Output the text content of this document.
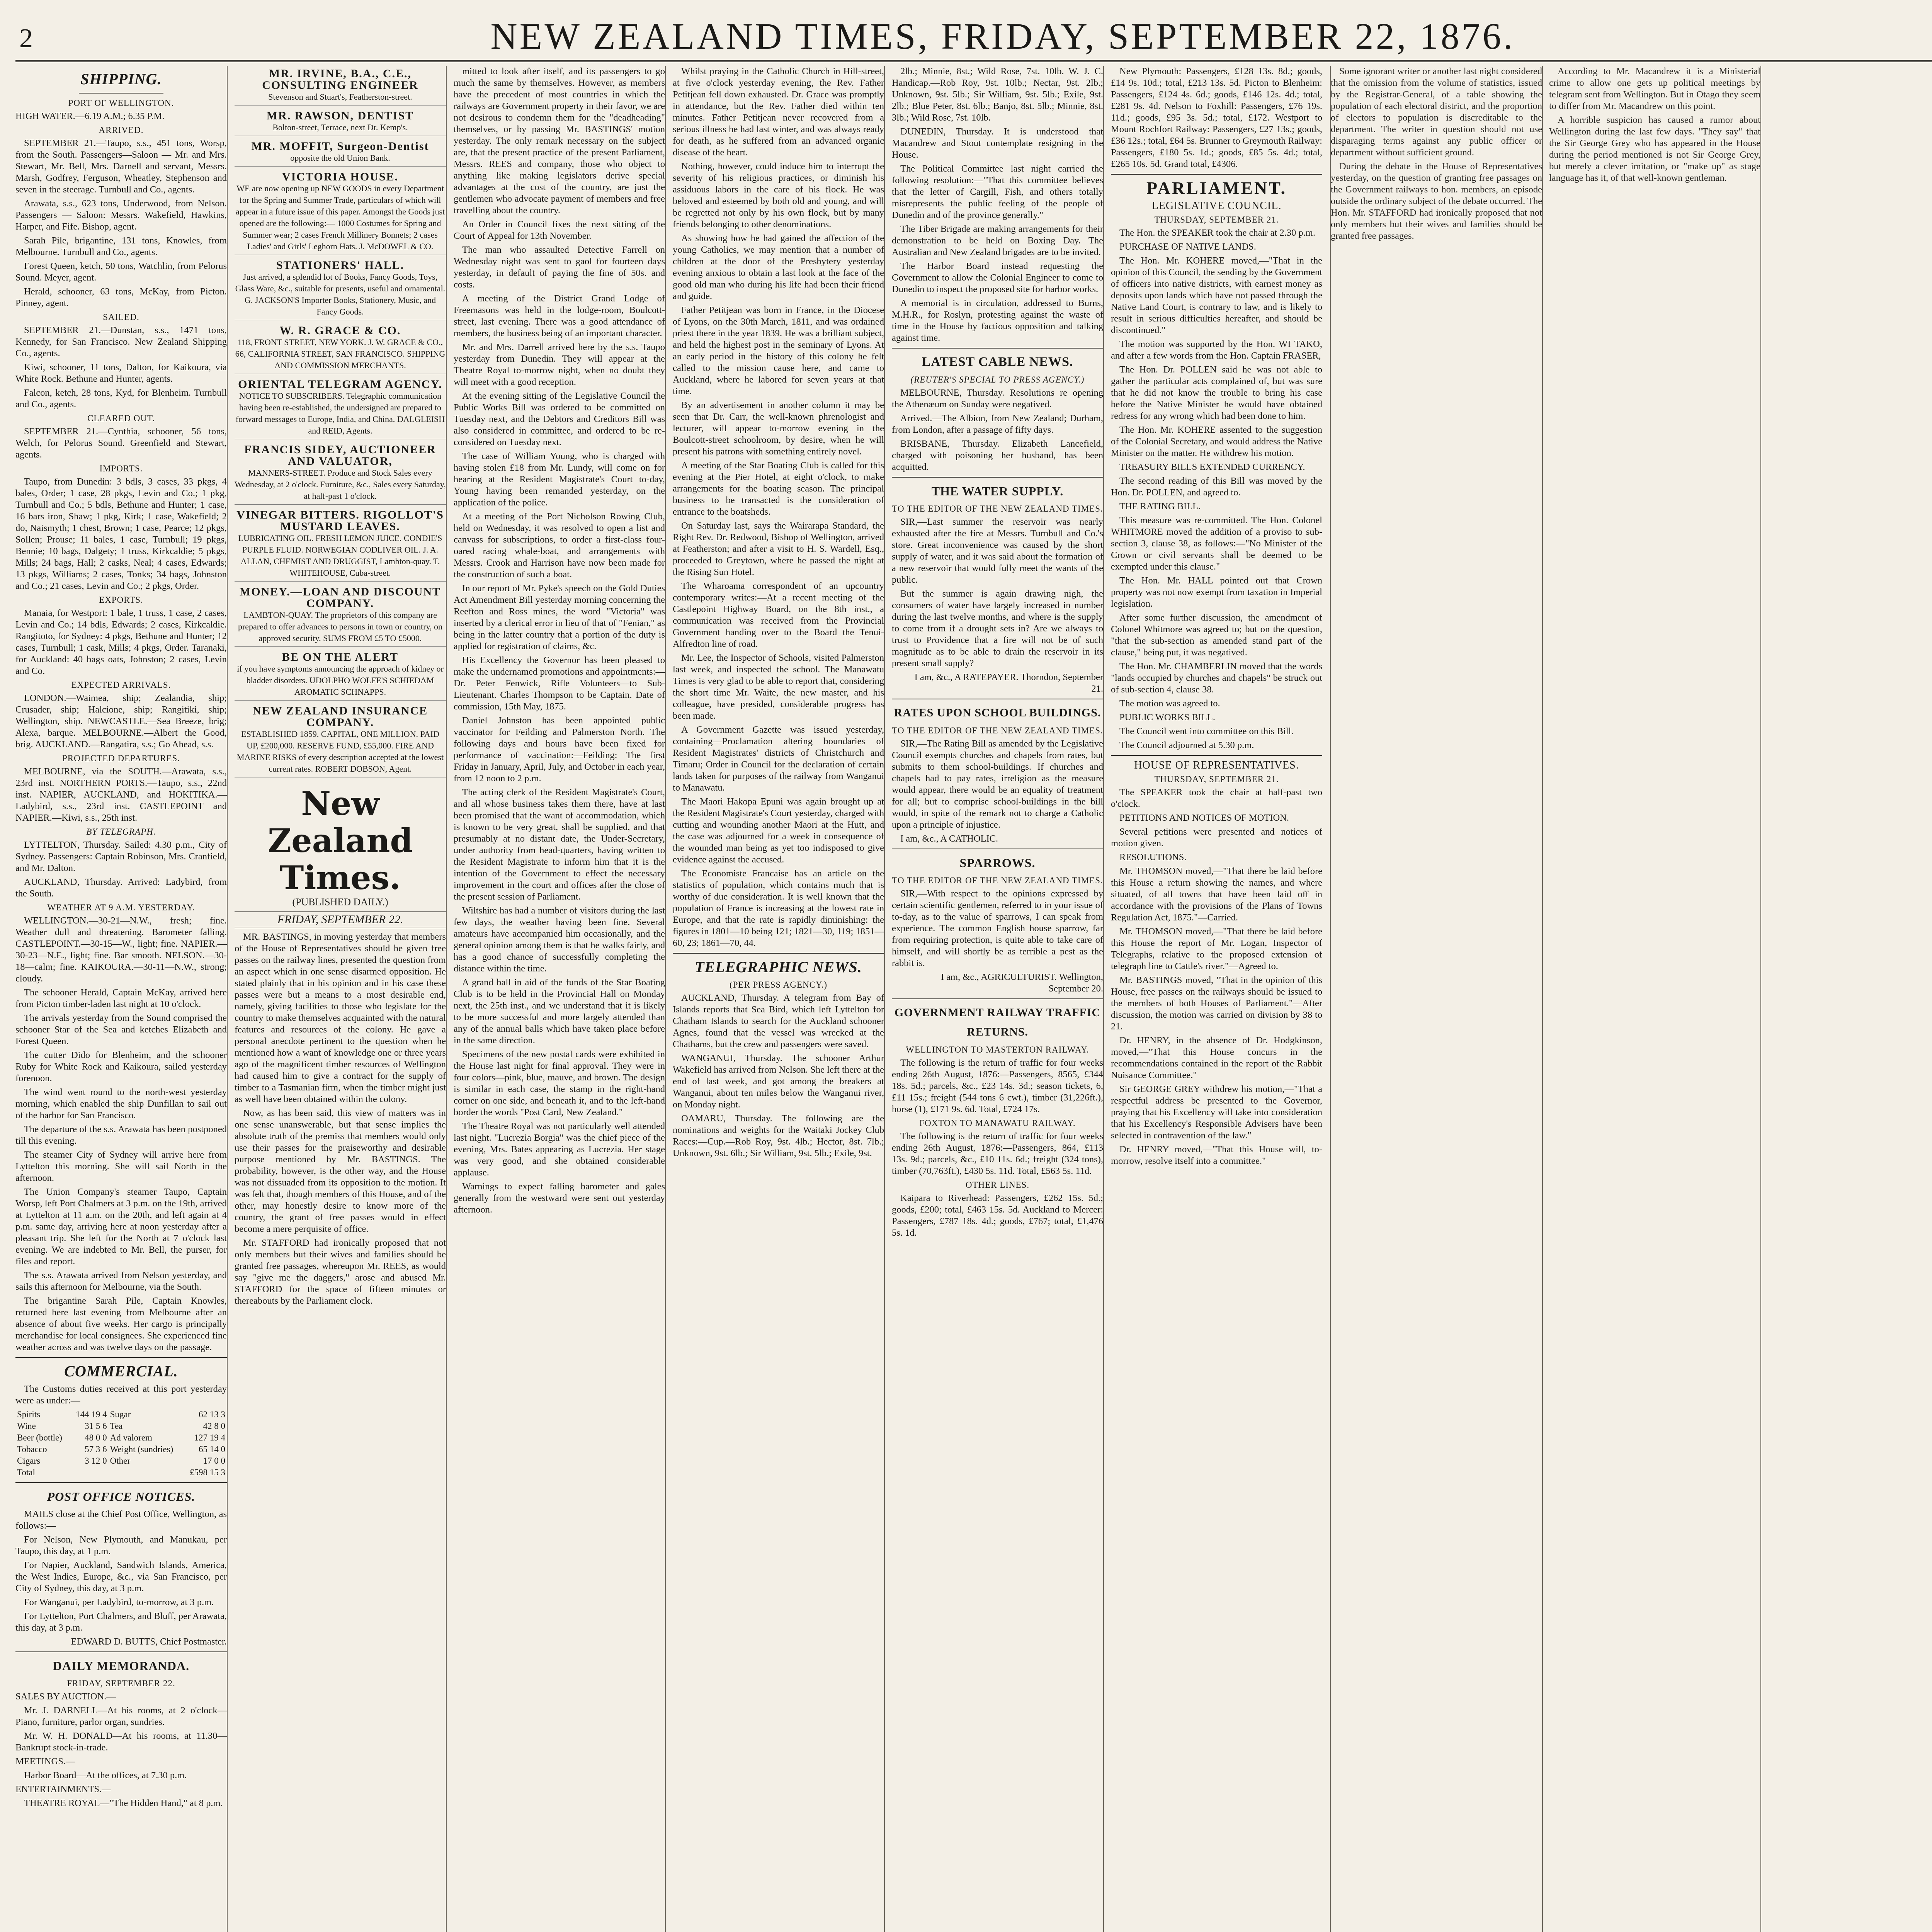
2	NEW ZEALAND TIMES, FRIDAY, SEPTEMBER 22, 1876.
SHIPPING.
PORT OF WELLINGTON.

HIGH WATER.—6.19 A.M.; 6.35 P.M.

ARRIVED.

SEPTEMBER 21.—Taupo, s.s., 451 tons, Worsp, from the South. Passengers—Saloon — Mr. and Mrs. Stewart, Mr. Bell, Mrs. Darnell and servant, Messrs. Marsh, Godfrey, Ferguson, Wheatley, Stephenson and seven in the steerage. Turnbull and Co., agents.

Arawata, s.s., 623 tons, Underwood, from Nelson. Passengers — Saloon: Messrs. Wakefield, Hawkins, Harper, and Fife. Bishop, agent.

Sarah Pile, brigantine, 131 tons, Knowles, from Melbourne. Turnbull and Co., agents.

Forest Queen, ketch, 50 tons, Watchlin, from Pelorus Sound. Meyer, agent.

Herald, schooner, 63 tons, McKay, from Picton. Pinney, agent.

SAILED.

SEPTEMBER 21.—Dunstan, s.s., 1471 tons, Kennedy, for San Francisco. New Zealand Shipping Co., agents.

Kiwi, schooner, 11 tons, Dalton, for Kaikoura, via White Rock. Bethune and Hunter, agents.

Falcon, ketch, 28 tons, Kyd, for Blenheim. Turnbull and Co., agents.

CLEARED OUT.

SEPTEMBER 21.—Cynthia, schooner, 56 tons, Welch, for Pelorus Sound. Greenfield and Stewart, agents.

IMPORTS.

Taupo, from Dunedin: 3 bdls, 3 cases, 33 pkgs, 4 bales, Order; 1 case, 28 pkgs, Levin and Co.; 1 pkg, Turnbull and Co.; 5 bdls, Bethune and Hunter; 1 case, 16 bars iron, Shaw; 1 pkg, Kirk; 1 case, Wakefield; 2 do, Naismyth; 1 chest, Brown; 1 case, Pearce; 12 pkgs, Sollen; Prouse; 11 bales, 1 case, Turnbull; 19 pkgs, Bennie; 10 bags, Dalgety; 1 truss, Kirkcaldie; 5 pkgs, Mills; 24 bags, Hall; 2 casks, Neal; 4 cases, Edwards; 13 pkgs, Williams; 2 cases, Tonks; 34 bags, Johnston and Co.; 21 cases, Levin and Co.; 2 pkgs, Order.

EXPORTS.

Manaia, for Westport: 1 bale, 1 truss, 1 case, 2 cases, Levin and Co.; 14 bdls, Edwards; 2 cases, Kirkcaldie. Rangitoto, for Sydney: 4 pkgs, Bethune and Hunter; 12 cases, Turnbull; 1 cask, Mills; 4 pkgs, Order. Taranaki, for Auckland: 40 bags oats, Johnston; 2 cases, Levin and Co.

EXPECTED ARRIVALS.

LONDON.—Waimea, ship; Zealandia, ship; Crusader, ship; Halcione, ship; Rangitiki, ship; Wellington, ship. NEWCASTLE.—Sea Breeze, brig; Alexa, barque. MELBOURNE.—Albert the Good, brig. AUCKLAND.—Rangatira, s.s.; Go Ahead, s.s.

PROJECTED DEPARTURES.

MELBOURNE, via the SOUTH.—Arawata, s.s., 23rd inst. NORTHERN PORTS.—Taupo, s.s., 22nd inst. NAPIER, AUCKLAND, and HOKITIKA.—Ladybird, s.s., 23rd inst. CASTLEPOINT and NAPIER.—Kiwi, s.s., 25th inst.

BY TELEGRAPH.

LYTTELTON, Thursday. Sailed: 4.30 p.m., City of Sydney. Passengers: Captain Robinson, Mrs. Cranfield, and Mr. Dalton.

AUCKLAND, Thursday. Arrived: Ladybird, from the South.

WEATHER AT 9 A.M. YESTERDAY.

WELLINGTON.—30-21—N.W., fresh; fine. Weather dull and threatening. Barometer falling. CASTLEPOINT.—30-15—W., light; fine. NAPIER.—30-23—N.E., light; fine. Bar smooth. NELSON.—30-18—calm; fine. KAIKOURA.—30-11—N.W., strong; cloudy.

The schooner Herald, Captain McKay, arrived here from Picton timber-laden last night at 10 o'clock.

The arrivals yesterday from the Sound comprised the schooner Star of the Sea and ketches Elizabeth and Forest Queen.

The cutter Dido for Blenheim, and the schooner Ruby for White Rock and Kaikoura, sailed yesterday forenoon.

The wind went round to the north-west yesterday morning, which enabled the ship Dunfillan to sail out of the harbor for San Francisco.

The departure of the s.s. Arawata has been postponed till this evening.

The steamer City of Sydney will arrive here from Lyttelton this morning. She will sail North in the afternoon.

The Union Company's steamer Taupo, Captain Worsp, left Port Chalmers at 3 p.m. on the 19th, arrived at Lyttelton at 11 a.m. on the 20th, and left again at 4 p.m. same day, arriving here at noon yesterday after a pleasant trip. She left for the North at 7 o'clock last evening. We are indebted to Mr. Bell, the purser, for files and report.

The s.s. Arawata arrived from Nelson yesterday, and sails this afternoon for Melbourne, via the South.

The brigantine Sarah Pile, Captain Knowles, returned here last evening from Melbourne after an absence of about five weeks. Her cargo is principally merchandise for local consignees. She experienced fine weather across and was twelve days on the passage.

COMMERCIAL.

The Customs duties received at this port yesterday were as under:—

Spirits	144 19 4	Sugar	62 13 3
Wine	31 5 6	Tea	42 8 0
Beer (bottle)	48 0 0	Ad valorem	127 19 4
Tobacco	57 3 6	Weight (sundries)	65 14 0
Cigars	3 12 0	Other	17 0 0
Total			£598 15 3
POST OFFICE NOTICES.

MAILS close at the Chief Post Office, Wellington, as follows:—

For Nelson, New Plymouth, and Manukau, per Taupo, this day, at 1 p.m.

For Napier, Auckland, Sandwich Islands, America, the West Indies, Europe, &c., via San Francisco, per City of Sydney, this day, at 3 p.m.

For Wanganui, per Ladybird, to-morrow, at 3 p.m.

For Lyttelton, Port Chalmers, and Bluff, per Arawata, this day, at 3 p.m.

EDWARD D. BUTTS, Chief Postmaster.

DAILY MEMORANDA.
FRIDAY, SEPTEMBER 22.

SALES BY AUCTION.—

Mr. J. DARNELL—At his rooms, at 2 o'clock—Piano, furniture, parlor organ, sundries.

Mr. W. H. DONALD—At his rooms, at 11.30—Bankrupt stock-in-trade.

MEETINGS.—

Harbor Board—At the offices, at 7.30 p.m.

ENTERTAINMENTS.—

THEATRE ROYAL—"The Hidden Hand," at 8 p.m.

MR. IRVINE, B.A., C.E., CONSULTING ENGINEER
Stevenson and Stuart's, Featherston-street.
MR. RAWSON, DENTIST
Bolton-street, Terrace, next Dr. Kemp's.
MR. MOFFIT, Surgeon-Dentist
opposite the old Union Bank.
VICTORIA HOUSE.
WE are now opening up NEW GOODS in every Department for the Spring and Summer Trade, particulars of which will appear in a future issue of this paper. Amongst the Goods just opened are the following:— 1000 Costumes for Spring and Summer wear; 2 cases French Millinery Bonnets; 2 cases Ladies' and Girls' Leghorn Hats. J. McDOWEL & CO.
STATIONERS' HALL.
Just arrived, a splendid lot of Books, Fancy Goods, Toys, Glass Ware, &c., suitable for presents, useful and ornamental. G. JACKSON'S Importer Books, Stationery, Music, and Fancy Goods.
W. R. GRACE & CO.
118, FRONT STREET, NEW YORK. J. W. GRACE & CO., 66, CALIFORNIA STREET, SAN FRANCISCO. SHIPPING AND COMMISSION MERCHANTS.
ORIENTAL TELEGRAM AGENCY.
NOTICE TO SUBSCRIBERS. Telegraphic communication having been re-established, the undersigned are prepared to forward messages to Europe, India, and China. DALGLEISH and REID, Agents.
FRANCIS SIDEY, AUCTIONEER AND VALUATOR,
MANNERS-STREET. Produce and Stock Sales every Wednesday, at 2 o'clock. Furniture, &c., Sales every Saturday, at half-past 1 o'clock.
VINEGAR BITTERS. RIGOLLOT'S MUSTARD LEAVES.
LUBRICATING OIL. FRESH LEMON JUICE. CONDIE'S PURPLE FLUID. NORWEGIAN CODLIVER OIL. J. A. ALLAN, CHEMIST AND DRUGGIST, Lambton-quay. T. WHITEHOUSE, Cuba-street.
MONEY.—LOAN AND DISCOUNT COMPANY.
LAMBTON-QUAY. The proprietors of this company are prepared to offer advances to persons in town or country, on approved security. SUMS FROM £5 TO £5000.
BE ON THE ALERT
if you have symptoms announcing the approach of kidney or bladder disorders. UDOLPHO WOLFE'S SCHIEDAM AROMATIC SCHNAPPS.
NEW ZEALAND INSURANCE COMPANY.
ESTABLISHED 1859. CAPITAL, ONE MILLION. PAID UP, £200,000. RESERVE FUND, £55,000. FIRE AND MARINE RISKS of every description accepted at the lowest current rates. ROBERT DOBSON, Agent.
New Zealand Times.
(PUBLISHED DAILY.)
FRIDAY, SEPTEMBER 22.

MR. BASTINGS, in moving yesterday that members of the House of Representatives should be given free passes on the railway lines, presented the question from an aspect which in one sense disarmed opposition. He stated plainly that in his opinion and in his case these passes were but a means to a most desirable end, namely, giving facilities to those who legislate for the country to make themselves acquainted with the natural features and resources of the colony. He gave a personal anecdote pertinent to the question when he mentioned how a want of knowledge one or three years ago of the magnificent timber resources of Wellington had caused him to give a contract for the supply of timber to a Tasmanian firm, when the timber might just as well have been obtained within the colony.

Now, as has been said, this view of matters was in one sense unanswerable, but that sense implies the absolute truth of the premiss that members would only use their passes for the praiseworthy and desirable purpose mentioned by Mr. BASTINGS. The probability, however, is the other way, and the House was not dissuaded from its opposition to the motion. It was felt that, though members of this House, and of the other, may honestly desire to know more of the country, the grant of free passes would in effect become a mere perquisite of office.

Mr. STAFFORD had ironically proposed that not only members but their wives and families should be granted free passages, whereupon Mr. REES, as would say "give me the daggers," arose and abused Mr. STAFFORD for the space of fifteen minutes or thereabouts by the Parliament clock.

mitted to look after itself, and its passengers to go much the same by themselves. However, as members have the precedent of most countries in which the railways are Government property in their favor, we are not desirous to condemn them for the "deadheading" themselves, or by passing Mr. BASTINGS' motion yesterday. The only remark necessary on the subject are, that the present practice of the present Parliament, Messrs. REES and company, those who object to anything like making legislators derive special advantages at the cost of the country, are just the gentlemen who advocate payment of members and free travelling about the country.

An Order in Council fixes the next sitting of the Court of Appeal for 13th November.

The man who assaulted Detective Farrell on Wednesday night was sent to gaol for fourteen days yesterday, in default of paying the fine of 50s. and costs.

A meeting of the District Grand Lodge of Freemasons was held in the lodge-room, Boulcott-street, last evening. There was a good attendance of members, the business being of an important character.

Mr. and Mrs. Darrell arrived here by the s.s. Taupo yesterday from Dunedin. They will appear at the Theatre Royal to-morrow night, when no doubt they will meet with a good reception.

At the evening sitting of the Legislative Council the Public Works Bill was ordered to be committed on Tuesday next, and the Debtors and Creditors Bill was also considered in committee, and ordered to be re-considered on Tuesday next.

The case of William Young, who is charged with having stolen £18 from Mr. Lundy, will come on for hearing at the Resident Magistrate's Court to-day, Young having been remanded yesterday, on the application of the police.

At a meeting of the Port Nicholson Rowing Club, held on Wednesday, it was resolved to open a list and canvass for subscriptions, to order a first-class four-oared racing whale-boat, and arrangements with Messrs. Crook and Harrison have now been made for the construction of such a boat.

In our report of Mr. Pyke's speech on the Gold Duties Act Amendment Bill yesterday morning concerning the Reefton and Ross mines, the word "Victoria" was inserted by a clerical error in lieu of that of "Fenian," as being in the latter country that a portion of the duty is applied for registration of claims, &c.

His Excellency the Governor has been pleased to make the undernamed promotions and appointments:—Dr. Peter Fenwick, Rifle Volunteers—to Sub-Lieutenant. Charles Thompson to be Captain. Date of commission, 15th May, 1875.

Daniel Johnston has been appointed public vaccinator for Feilding and Palmerston North. The following days and hours have been fixed for performance of vaccination:—Feilding: The first Friday in January, April, July, and October in each year, from 12 noon to 2 p.m.

The acting clerk of the Resident Magistrate's Court, and all whose business takes them there, have at last been promised that the want of accommodation, which is known to be very great, shall be supplied, and that presumably at no distant date, the Under-Secretary, under authority from head-quarters, having written to the Resident Magistrate to inform him that it is the intention of the Government to effect the necessary improvement in the court and offices after the close of the present session of Parliament.

Wiltshire has had a number of visitors during the last few days, the weather having been fine. Several amateurs have accompanied him occasionally, and the general opinion among them is that he walks fairly, and has a good chance of successfully completing the distance within the time.

A grand ball in aid of the funds of the Star Boating Club is to be held in the Provincial Hall on Monday next, the 25th inst., and we understand that it is likely to be more successful and more largely attended than any of the annual balls which have taken place before in the same direction.

Specimens of the new postal cards were exhibited in the House last night for final approval. They were in four colors—pink, blue, mauve, and brown. The design is similar in each case, the stamp in the right-hand corner on one side, and beneath it, and to the left-hand border the words "Post Card, New Zealand."

The Theatre Royal was not particularly well attended last night. "Lucrezia Borgia" was the chief piece of the evening, Mrs. Bates appearing as Lucrezia. Her stage was very good, and she obtained considerable applause.

Warnings to expect falling barometer and gales generally from the westward were sent out yesterday afternoon.

Whilst praying in the Catholic Church in Hill-street, at five o'clock yesterday evening, the Rev. Father Petitjean fell down exhausted. Dr. Grace was promptly in attendance, but the Rev. Father died within ten minutes. Father Petitjean never recovered from a serious illness he had last winter, and was always ready for death, as he suffered from an advanced organic disease of the heart.

Nothing, however, could induce him to interrupt the severity of his religious practices, or diminish his assiduous labors in the care of his flock. He was beloved and esteemed by both old and young, and will be regretted not only by his own flock, but by many friends belonging to other denominations.

As showing how he had gained the affection of the young Catholics, we may mention that a number of children at the door of the Presbytery yesterday evening anxious to obtain a last look at the face of the good old man who during his life had been their friend and guide.

Father Petitjean was born in France, in the Diocese of Lyons, on the 30th March, 1811, and was ordained priest there in the year 1839. He was a brilliant subject, and held the highest post in the seminary of Lyons. At an early period in the history of this colony he felt called to the mission cause here, and came to Auckland, where he labored for seven years at that time.

By an advertisement in another column it may be seen that Dr. Carr, the well-known phrenologist and lecturer, will appear to-morrow evening in the Boulcott-street schoolroom, by desire, when he will present his patrons with something entirely novel.

A meeting of the Star Boating Club is called for this evening at the Pier Hotel, at eight o'clock, to make arrangements for the boating season. The principal business to be transacted is the consideration of entrance to the boatsheds.

On Saturday last, says the Wairarapa Standard, the Right Rev. Dr. Redwood, Bishop of Wellington, arrived at Featherston; and after a visit to H. S. Wardell, Esq., proceeded to Greytown, where he passed the night at the Rising Sun Hotel.

The Wharoama correspondent of an upcountry contemporary writes:—At a recent meeting of the Castlepoint Highway Board, on the 8th inst., a communication was received from the Provincial Government handing over to the Board the Tenui-Alfredton line of road.

Mr. Lee, the Inspector of Schools, visited Palmerston last week, and inspected the school. The Manawatu Times is very glad to be able to report that, considering the short time Mr. Waite, the new master, and his colleague, have presided, considerable progress has been made.

A Government Gazette was issued yesterday, containing—Proclamation altering boundaries of Resident Magistrates' districts of Christchurch and Timaru; Order in Council for the declaration of certain lands taken for purposes of the railway from Wanganui to Manawatu.

The Maori Hakopa Epuni was again brought up at the Resident Magistrate's Court yesterday, charged with cutting and wounding another Maori at the Hutt, and the case was adjourned for a week in consequence of the wounded man being as yet too indisposed to give evidence against the accused.

The Economiste Francaise has an article on the statistics of population, which contains much that is worthy of due consideration. It is well known that the population of France is increasing at the lowest rate in Europe, and that the rate is rapidly diminishing: the figures in 1801—10 being 121; 1821—30, 119; 1851—60, 23; 1861—70, 44.

TELEGRAPHIC NEWS.
(PER PRESS AGENCY.)

AUCKLAND, Thursday. A telegram from Bay of Islands reports that Sea Bird, which left Lyttelton for Chatham Islands to search for the Auckland schooner Agnes, found that the vessel was wrecked at the Chathams, but the crew and passengers were saved.

WANGANUI, Thursday. The schooner Arthur Wakefield has arrived from Nelson. She left there at the end of last week, and got among the breakers at Wanganui, about ten miles below the Wanganui river, on Monday night.

OAMARU, Thursday. The following are the nominations and weights for the Waitaki Jockey Club Races:—Cup.—Rob Roy, 9st. 4lb.; Hector, 8st. 7lb.; Unknown, 9st. 6lb.; Sir William, 9st. 5lb.; Exile, 9st.

2lb.; Minnie, 8st.; Wild Rose, 7st. 10lb. W. J. C. Handicap.—Rob Roy, 9st. 10lb.; Nectar, 9st. 2lb.; Unknown, 9st. 5lb.; Sir William, 9st. 5lb.; Exile, 9st. 2lb.; Blue Peter, 8st. 6lb.; Banjo, 8st. 5lb.; Minnie, 8st. 3lb.; Wild Rose, 7st. 10lb.

DUNEDIN, Thursday. It is understood that Macandrew and Stout contemplate resigning in the House.

The Political Committee last night carried the following resolution:—"That this committee believes that the letter of Cargill, Fish, and others totally misrepresents the public feeling of the people of Dunedin and of the province generally."

The Tiber Brigade are making arrangements for their demonstration to be held on Boxing Day. The Australian and New Zealand brigades are to be invited.

The Harbor Board instead requesting the Government to allow the Colonial Engineer to come to Dunedin to inspect the proposed site for harbor works.

A memorial is in circulation, addressed to Burns, M.H.R., for Roslyn, protesting against the waste of time in the House by factious opposition and talking against time.

LATEST CABLE NEWS.
(REUTER'S SPECIAL TO PRESS AGENCY.)

MELBOURNE, Thursday. Resolutions re opening the Athenæum on Sunday were negatived.

Arrived.—The Albion, from New Zealand; Durham, from London, after a passage of fifty days.

BRISBANE, Thursday. Elizabeth Lancefield, charged with poisoning her husband, has been acquitted.

THE WATER SUPPLY.
TO THE EDITOR OF THE NEW ZEALAND TIMES.

SIR,—Last summer the reservoir was nearly exhausted after the fire at Messrs. Turnbull and Co.'s store. Great inconvenience was caused by the short supply of water, and it was said about the formation of a new reservoir that would fully meet the wants of the public.

But the summer is again drawing nigh, the consumers of water have largely increased in number during the last twelve months, and where is the supply to come from if a drought sets in? Are we always to trust to Providence that a fire will not be of such magnitude as to be able to drain the reservoir in its present small supply?

I am, &c., A RATEPAYER. Thorndon, September 21.

RATES UPON SCHOOL BUILDINGS.
TO THE EDITOR OF THE NEW ZEALAND TIMES.

SIR,—The Rating Bill as amended by the Legislative Council exempts churches and chapels from rates, but submits to them school-buildings. If churches and chapels had to pay rates, irreligion as the measure would appear, there would be an equality of treatment for all; but to comprise school-buildings in the bill would, in spite of the remark not to charge a Catholic upon a principle of injustice.

I am, &c., A CATHOLIC.

SPARROWS.
TO THE EDITOR OF THE NEW ZEALAND TIMES.

SIR,—With respect to the opinions expressed by certain scientific gentlemen, referred to in your issue of to-day, as to the value of sparrows, I can speak from experience. The common English house sparrow, far from requiring protection, is quite able to take care of himself, and will shortly be as terrible a pest as the rabbit is.

I am, &c., AGRICULTURIST. Wellington, September 20.

GOVERNMENT RAILWAY TRAFFIC RETURNS.
WELLINGTON TO MASTERTON RAILWAY.

The following is the return of traffic for four weeks ending 26th August, 1876:—Passengers, 8565, £344 18s. 5d.; parcels, &c., £23 14s. 3d.; season tickets, 6, £11 15s.; freight (544 tons 6 cwt.), timber (31,226ft.), horse (1), £171 9s. 6d. Total, £724 17s.

FOXTON TO MANAWATU RAILWAY.

The following is the return of traffic for four weeks ending 26th August, 1876:—Passengers, 864, £113 13s. 9d.; parcels, &c., £10 11s. 6d.; freight (324 tons), timber (70,763ft.), £430 5s. 11d. Total, £563 5s. 11d.

OTHER LINES.

Kaipara to Riverhead: Passengers, £262 15s. 5d.; goods, £200; total, £463 15s. 5d. Auckland to Mercer: Passengers, £787 18s. 4d.; goods, £767; total, £1,476 5s. 1d.

New Plymouth: Passengers, £128 13s. 8d.; goods, £14 9s. 10d.; total, £213 13s. 5d. Picton to Blenheim: Passengers, £124 4s. 6d.; goods, £146 12s. 4d.; total, £281 9s. 4d. Nelson to Foxhill: Passengers, £76 19s. 11d.; goods, £95 3s. 5d.; total, £172. Westport to Mount Rochfort Railway: Passengers, £27 13s.; goods, £36 12s.; total, £64 5s. Brunner to Greymouth Railway: Passengers, £180 5s. 1d.; goods, £85 5s. 4d.; total, £265 10s. 5d. Grand total, £4306.

PARLIAMENT.
LEGISLATIVE COUNCIL.
THURSDAY, SEPTEMBER 21.

The Hon. the SPEAKER took the chair at 2.30 p.m.

PURCHASE OF NATIVE LANDS.

The Hon. Mr. KOHERE moved,—"That in the opinion of this Council, the sending by the Government of officers into native districts, with earnest money as deposits upon lands which have not passed through the Native Land Court, is contrary to law, and is likely to result in serious difficulties hereafter, and should be discontinued."

The motion was supported by the Hon. WI TAKO, and after a few words from the Hon. Captain FRASER,

The Hon. Dr. POLLEN said he was not able to gather the particular acts complained of, but was sure that he did not know the trouble to bring his case before the Native Minister he would have obtained redress for any wrong which had been done to him.

The Hon. Mr. KOHERE assented to the suggestion of the Colonial Secretary, and would address the Native Minister on the matter. He withdrew his motion.

TREASURY BILLS EXTENDED CURRENCY.

The second reading of this Bill was moved by the Hon. Dr. POLLEN, and agreed to.

THE RATING BILL.

This measure was re-committed. The Hon. Colonel WHITMORE moved the addition of a proviso to sub-section 3, clause 38, as follows:—"No Minister of the Crown or civil servants shall be deemed to be exempted under this clause."

The Hon. Mr. HALL pointed out that Crown property was not now exempt from taxation in Imperial legislation.

After some further discussion, the amendment of Colonel Whitmore was agreed to; but on the question, "that the sub-section as amended stand part of the clause," being put, it was negatived.

The Hon. Mr. CHAMBERLIN moved that the words "lands occupied by churches and chapels" be struck out of sub-section 4, clause 38.

The motion was agreed to.

PUBLIC WORKS BILL.

The Council went into committee on this Bill.

The Council adjourned at 5.30 p.m.

HOUSE OF REPRESENTATIVES.
THURSDAY, SEPTEMBER 21.

The SPEAKER took the chair at half-past two o'clock.

PETITIONS AND NOTICES OF MOTION.

Several petitions were presented and notices of motion given.

RESOLUTIONS.

Mr. THOMSON moved,—"That there be laid before this House a return showing the names, and where situated, of all towns that have been laid off in accordance with the provisions of the Plans of Towns Regulation Act, 1875."—Carried.

Mr. THOMSON moved,—"That there be laid before this House the report of Mr. Logan, Inspector of Telegraphs, relative to the proposed extension of telegraph line to Cattle's river."—Agreed to.

Mr. BASTINGS moved, "That in the opinion of this House, free passes on the railways should be issued to the members of both Houses of Parliament."—After discussion, the motion was carried on division by 38 to 21.

Dr. HENRY, in the absence of Dr. Hodgkinson, moved,—"That this House concurs in the recommendations contained in the report of the Rabbit Nuisance Committee."

Sir GEORGE GREY withdrew his motion,—"That a respectful address be presented to the Governor, praying that his Excellency will take into consideration that his Excellency's Responsible Advisers have been selected in contravention of the law."

Dr. HENRY moved,—"That this House will, to-morrow, resolve itself into a committee."

Some ignorant writer or another last night considered that the omission from the volume of statistics, issued by the Registrar-General, of a table showing the population of each electoral district, and the proportion of electors to population is discreditable to the department. The writer in question should not use disparaging terms against any public officer or department without sufficient ground.

During the debate in the House of Representatives yesterday, on the question of granting free passages on the Government railways to hon. members, an episode outside the ordinary subject of the debate occurred. The Hon. Mr. STAFFORD had ironically proposed that not only members but their wives and families should be granted free passages.

According to Mr. Macandrew it is a Ministerial crime to allow one gets up political meetings by telegram sent from Wellington. But in Otago they seem to differ from Mr. Macandrew on this point.

A horrible suspicion has caused a rumor about Wellington during the last few days. "They say" that the Sir George Grey who has appeared in the House during the period mentioned is not Sir George Grey, but merely a clever imitation, or "make up" as stage language has it, of that well-known gentleman.
